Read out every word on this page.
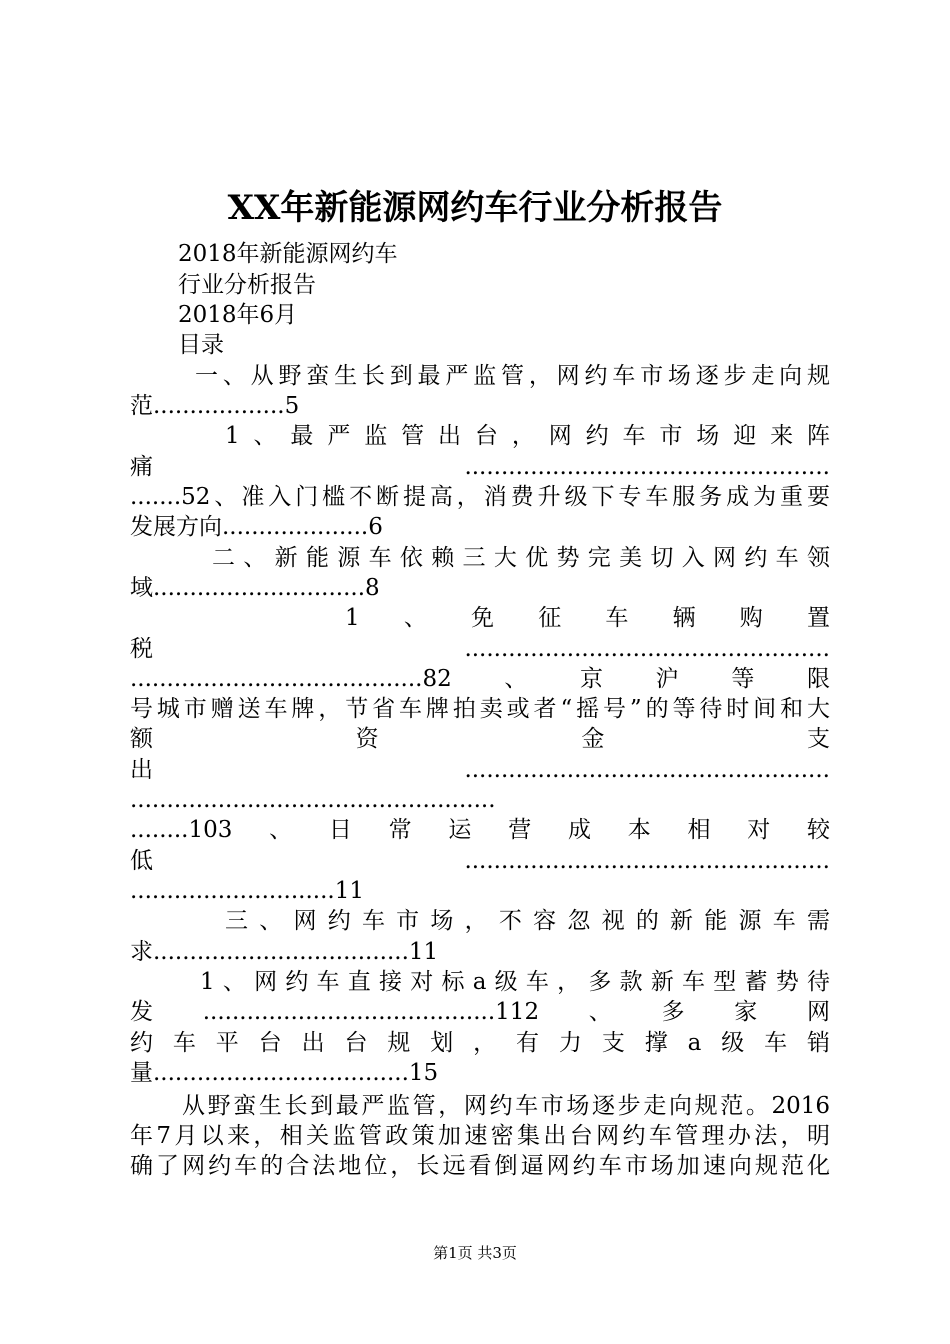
XX年新能源网约车行业分析报告
2018年新能源网约车
行业分析报告
2018年6月
目录
一、从野蛮生长到最严监管，网约车市场逐步走向规
范..................5
1、最严监管出台，网约车市场迎来阵
痛..................................................
.......52、准入门槛不断提高，消费升级下专车服务成为重要
发展方向....................6
二、新能源车依赖三大优势完美切入网约车领
域.............................8
1、免征车辆购置
税..................................................
........................................82、京沪等限
号城市赠送车牌，节省车牌拍卖或者“摇号”的等待时间和大
额资金支
出..................................................
..................................................
........103、日常运营成本相对较
低..................................................
............................11
三、网约车市场，不容忽视的新能源车需
求...................................11
1、网约车直接对标a级车，多款新车型蓄势待
发........................................112、多家网
约车平台出台规划，有力支撑a级车销
量...................................15
从野蛮生长到最严监管，网约车市场逐步走向规范。2016
年7月以来，相关监管政策加速密集出台网约车管理办法，明
确了网约车的合法地位，长远看倒逼网约车市场加速向规范化
第1页 共3页
